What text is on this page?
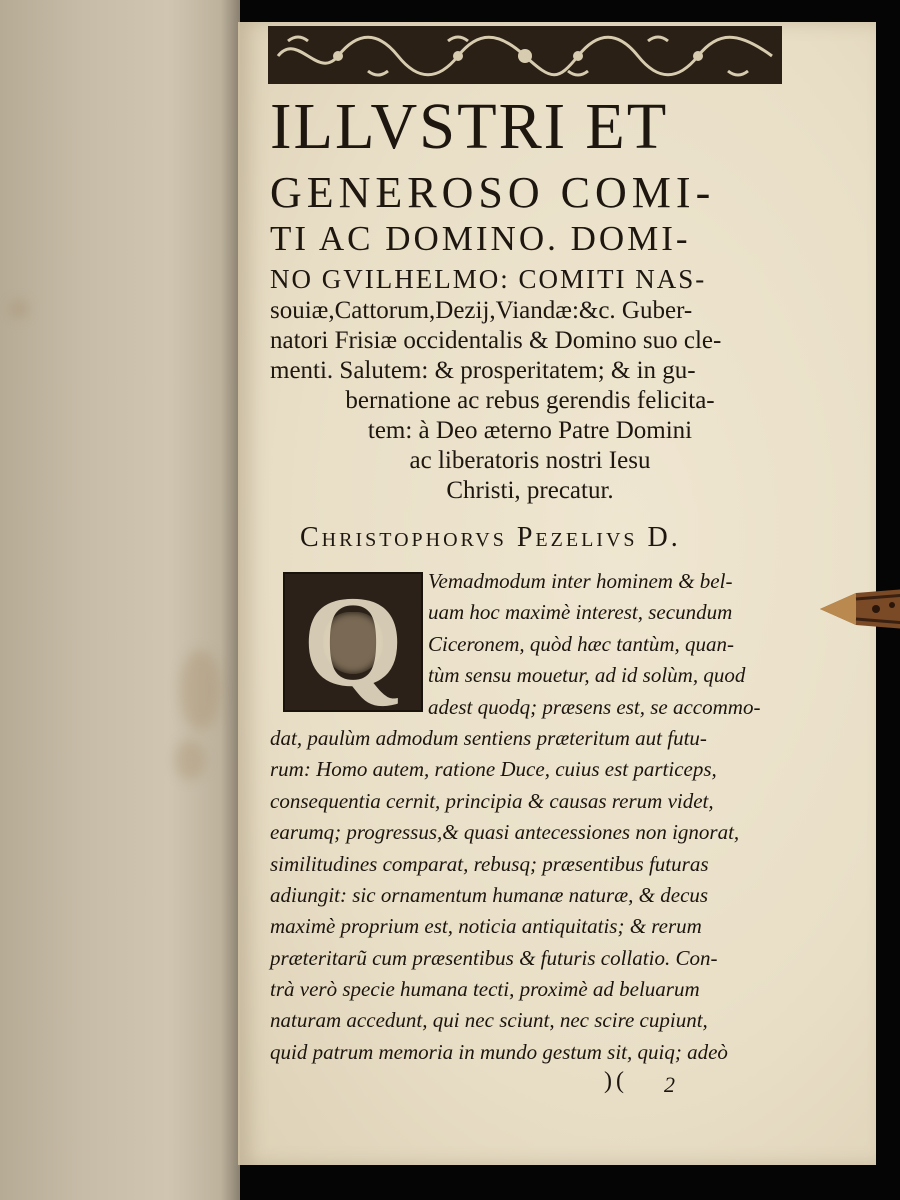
ILLVSTRI ET
GENEROSO COMI-
TI AC DOMINO. DOMI-
NO GVILHELMO: COMITI NAS-
souiæ,Cattorum,Dezij,Viandæ:&c. Guber-
natori Frisiæ occidentalis & Domino suo cle-
menti. Salutem: & prosperitatem; & in gu-
bernatione ac rebus gerendis felicita-
tem: à Deo æterno Patre Domini
ac liberatoris nostri Iesu
Christi, precatur.
Christophorvs Pezelivs D.
Q	Vemadmodum inter hominem & bel-
uam hoc maximè interest, secundum
Ciceronem, quòd hæc tantùm, quan-
tùm sensu mouetur, ad id solùm, quod
adest quodq; præsens est, se accommo-
dat, paulùm admodum sentiens præteritum aut futu-
rum: Homo autem, ratione Duce, cuius est particeps,
consequentia cernit, principia & causas rerum videt,
earumq; progressus,& quasi antecessiones non ignorat,
similitudines comparat, rebusq; præsentibus futuras
adiungit: sic ornamentum humanæ naturæ, & decus
maximè proprium est, noticia antiquitatis; & rerum
præteritarũ cum præsentibus & futuris collatio. Con-
trà verò specie humana tecti, proximè ad beluarum
naturam accedunt, qui nec sciunt, nec scire cupiunt,
quid patrum memoria in mundo gestum sit, quiq; adeò
)( 2
